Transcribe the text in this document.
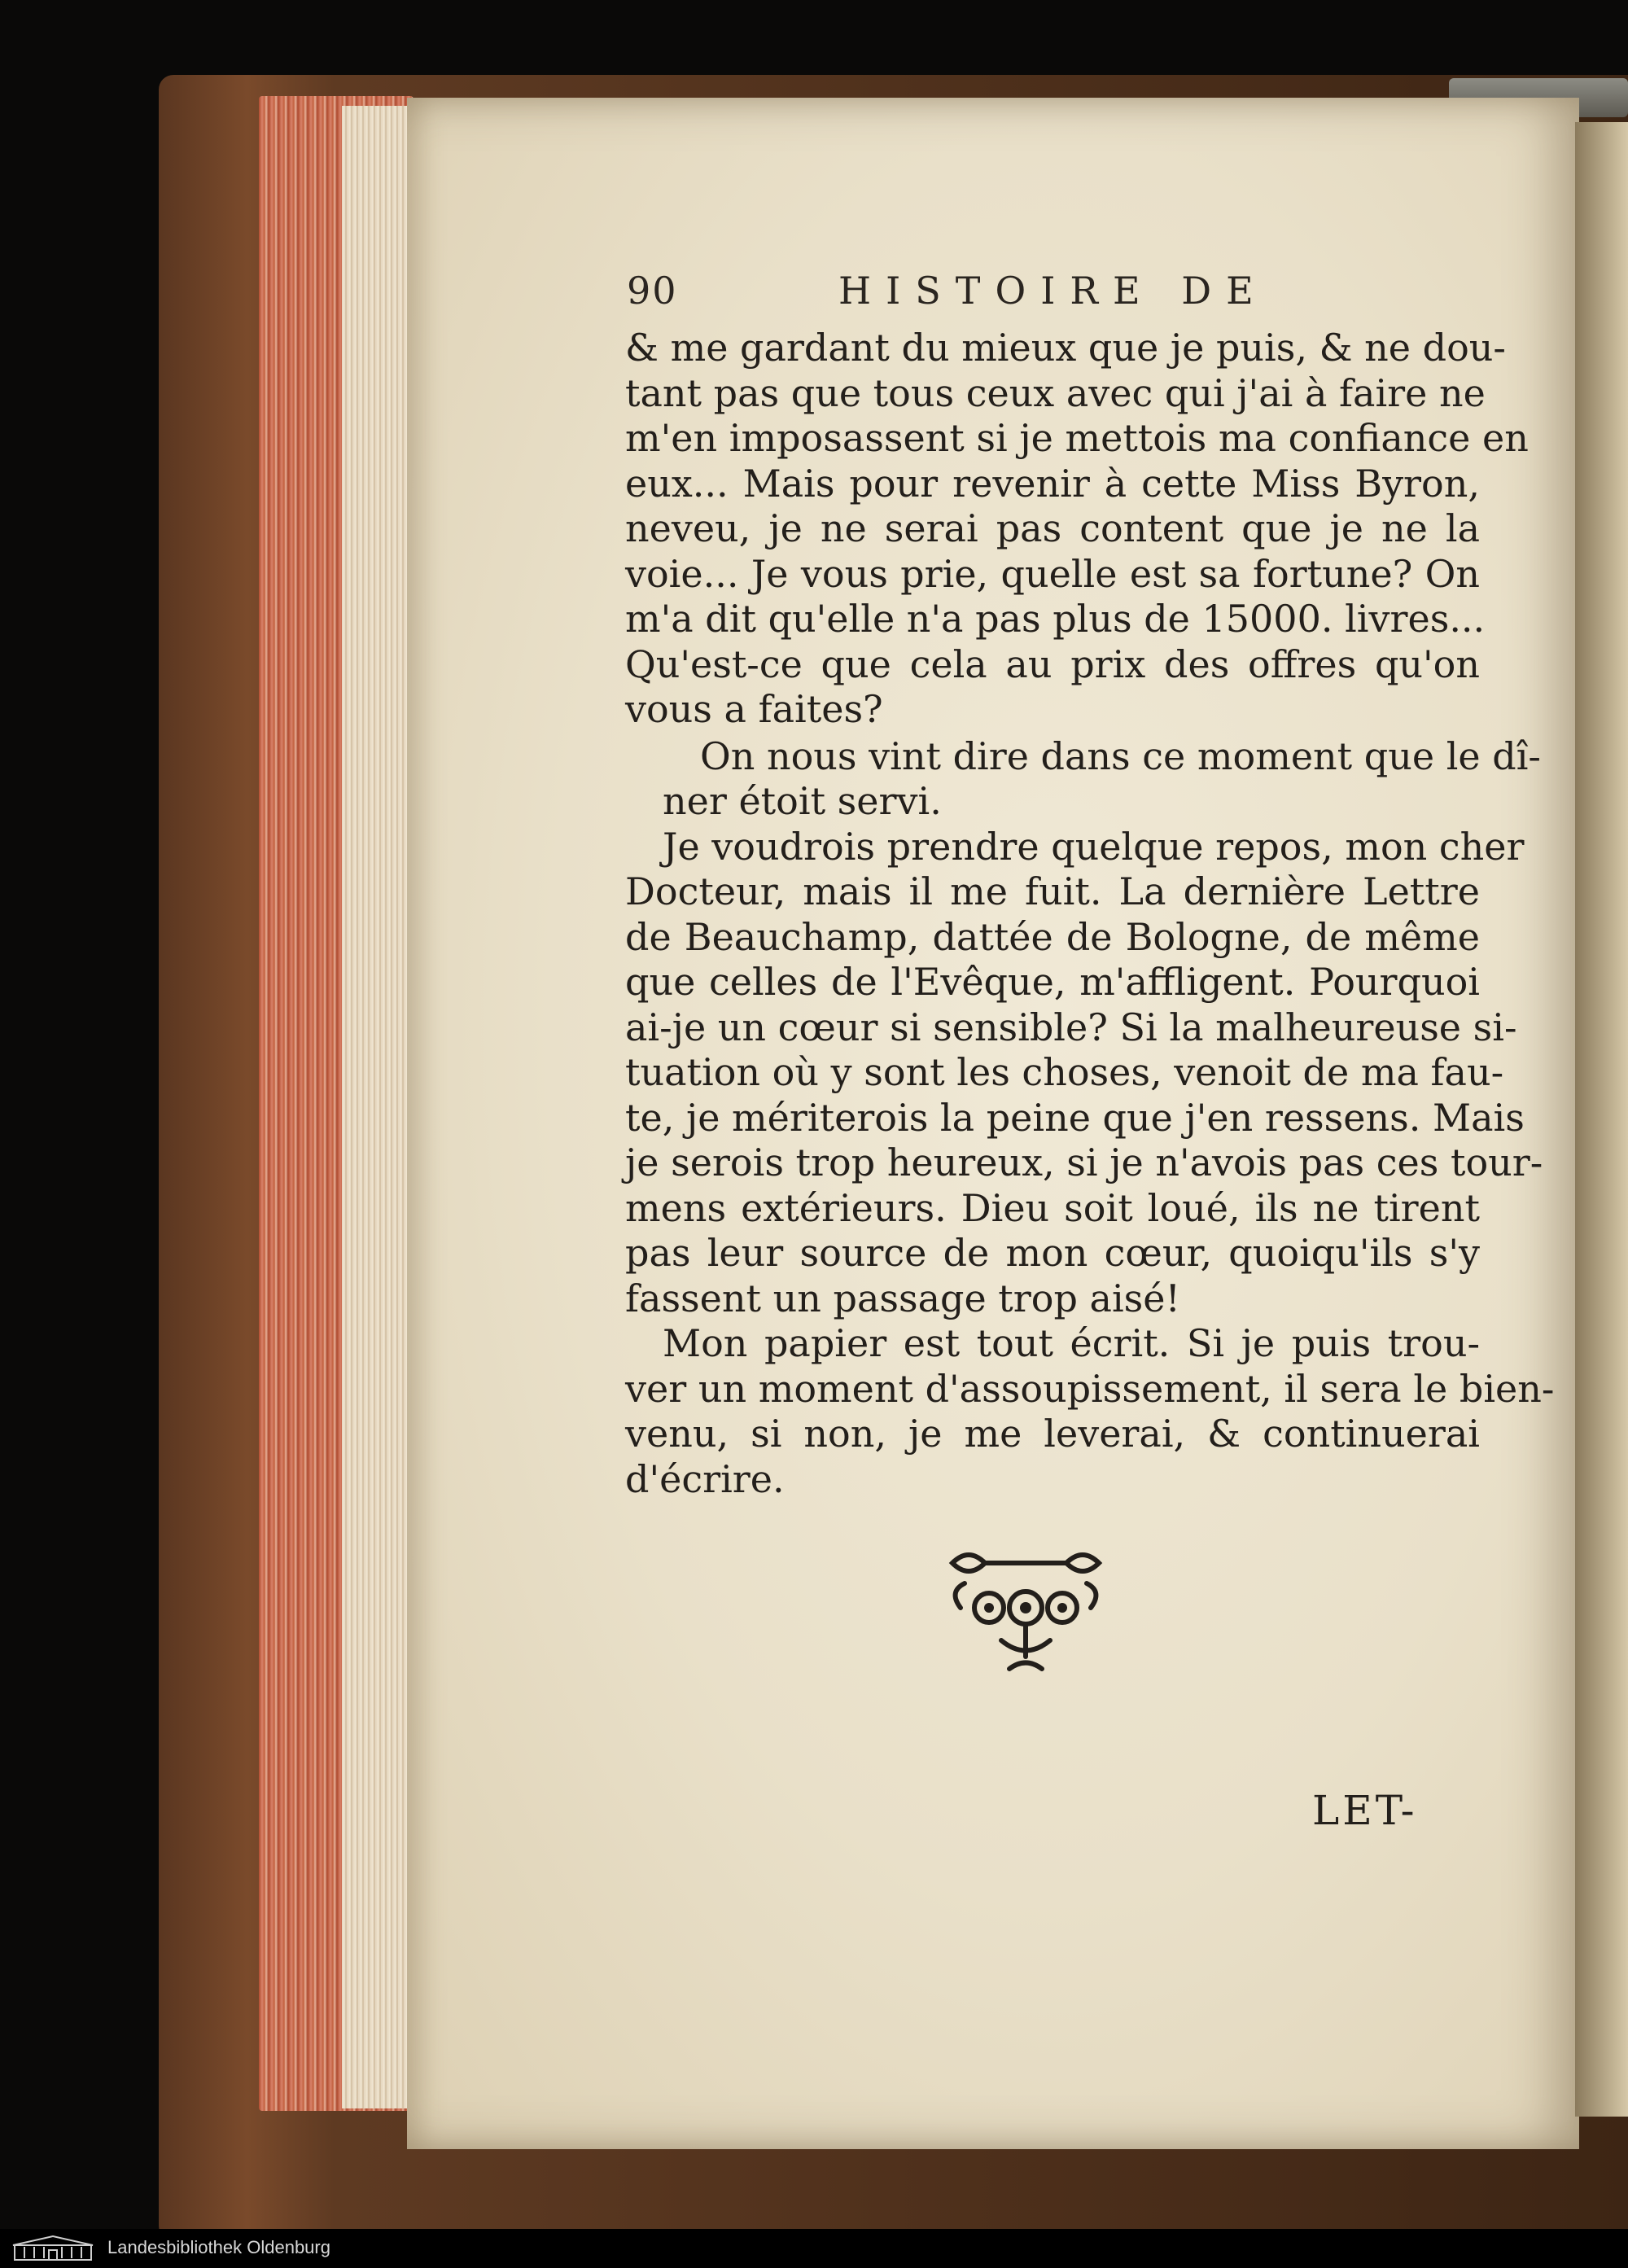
90	HISTOIRE DE

& me gardant du mieux que je puis, & ne dou-
tant pas que tous ceux avec qui j'ai à faire ne
m'en imposassent si je mettois ma confiance en
eux... Mais pour revenir à cette Miss Byron,
neveu, je ne serai pas content que je ne la
voie... Je vous prie, quelle est sa fortune? On
m'a dit qu'elle n'a pas plus de 15000. livres...
Qu'est-ce que cela au prix des offres qu'on
vous a faites?

On nous vint dire dans ce moment que le dî-
ner étoit servi.

Je voudrois prendre quelque repos, mon cher
Docteur, mais il me fuit. La dernière Lettre
de Beauchamp, dattée de Bologne, de même
que celles de l'Evêque, m'affligent. Pourquoi
ai-je un cœur si sensible? Si la malheureuse si-
tuation où y sont les choses, venoit de ma fau-
te, je mériterois la peine que j'en ressens. Mais
je serois trop heureux, si je n'avois pas ces tour-
mens extérieurs. Dieu soit loué, ils ne tirent
pas leur source de mon cœur, quoiqu'ils s'y
fassent un passage trop aisé!

Mon papier est tout écrit. Si je puis trou-
ver un moment d'assoupissement, il sera le bien-
venu, si non, je me leverai, & continuerai
d'écrire.

LET-
Landesbibliothek Oldenburg
